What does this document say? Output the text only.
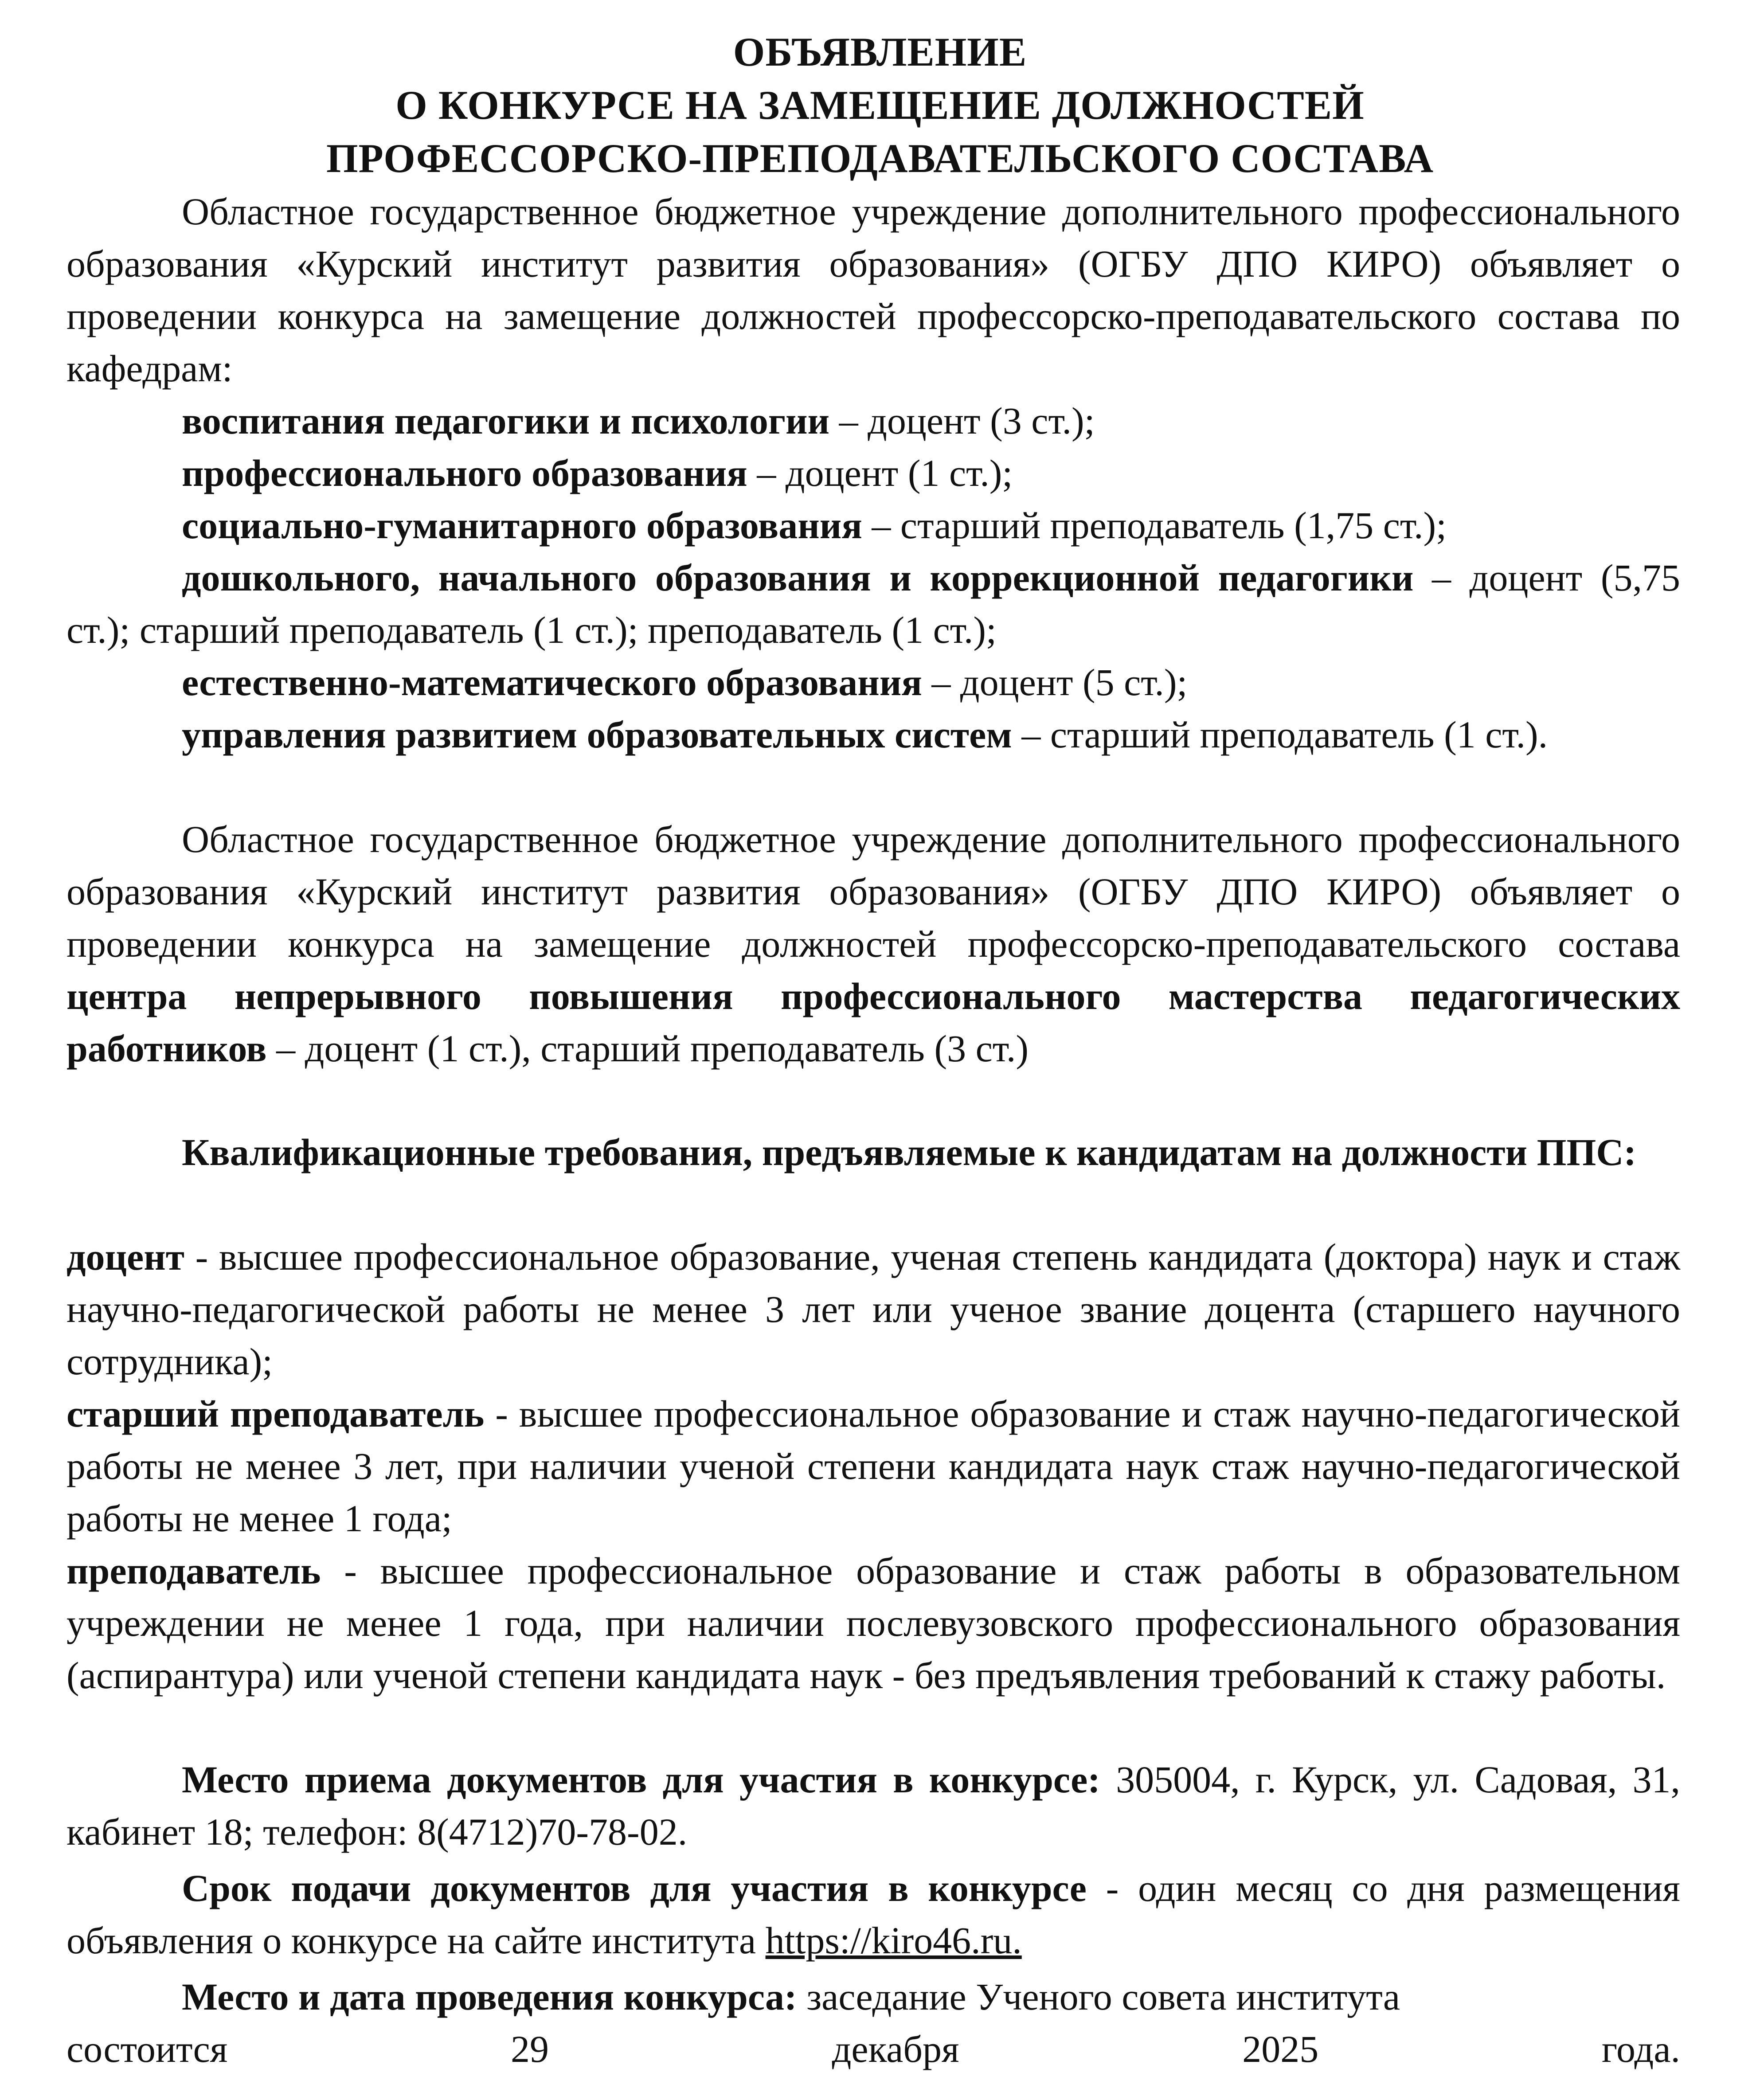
ОБЪЯВЛЕНИЕ
О КОНКУРСЕ НА ЗАМЕЩЕНИЕ ДОЛЖНОСТЕЙ
ПРОФЕССОРСКО-ПРЕПОДАВАТЕЛЬСКОГО СОСТАВА
Областное государственное бюджетное учреждение дополнительного профессионального образования «Курский институт развития образования» (ОГБУ ДПО КИРО) объявляет о проведении конкурса на замещение должностей профессорско-преподавательского состава по кафедрам:
воспитания педагогики и психологии – доцент (3 ст.);
профессионального образования – доцент (1 ст.);
социально-гуманитарного образования – старший преподаватель (1,75 ст.);
дошкольного, начального образования и коррекционной педагогики – доцент (5,75 ст.); старший преподаватель (1 ст.); преподаватель (1 ст.);
естественно-математического образования – доцент (5 ст.);
управления развитием образовательных систем – старший преподаватель (1 ст.).
Областное государственное бюджетное учреждение дополнительного профессионального образования «Курский институт развития образования» (ОГБУ ДПО КИРО) объявляет о проведении конкурса на замещение должностей профессорско-преподавательского состава центра непрерывного повышения профессионального мастерства педагогических работников – доцент (1 ст.), старший преподаватель (3 ст.)
Квалификационные требования, предъявляемые к кандидатам на должности ППС:
доцент - высшее профессиональное образование, ученая степень кандидата (доктора) наук и стаж научно-педагогической работы не менее 3 лет или ученое звание доцента (старшего научного сотрудника);
старший преподаватель - высшее профессиональное образование и стаж научно-педагогической работы не менее 3 лет, при наличии ученой степени кандидата наук стаж научно-педагогической работы не менее 1 года;
преподаватель - высшее профессиональное образование и стаж работы в образовательном учреждении не менее 1 года, при наличии послевузовского профессионального образования (аспирантура) или ученой степени кандидата наук - без предъявления требований к стажу работы.
Место приема документов для участия в конкурсе: 305004, г. Курск, ул. Садовая, 31, кабинет 18; телефон: 8(4712)70-78-02.
Срок подачи документов для участия в конкурсе - один месяц со дня размещения объявления о конкурсе на сайте института https://kiro46.ru.
Место и дата проведения конкурса: заседание Ученого совета института
состоится	29	декабря	2025	года.
